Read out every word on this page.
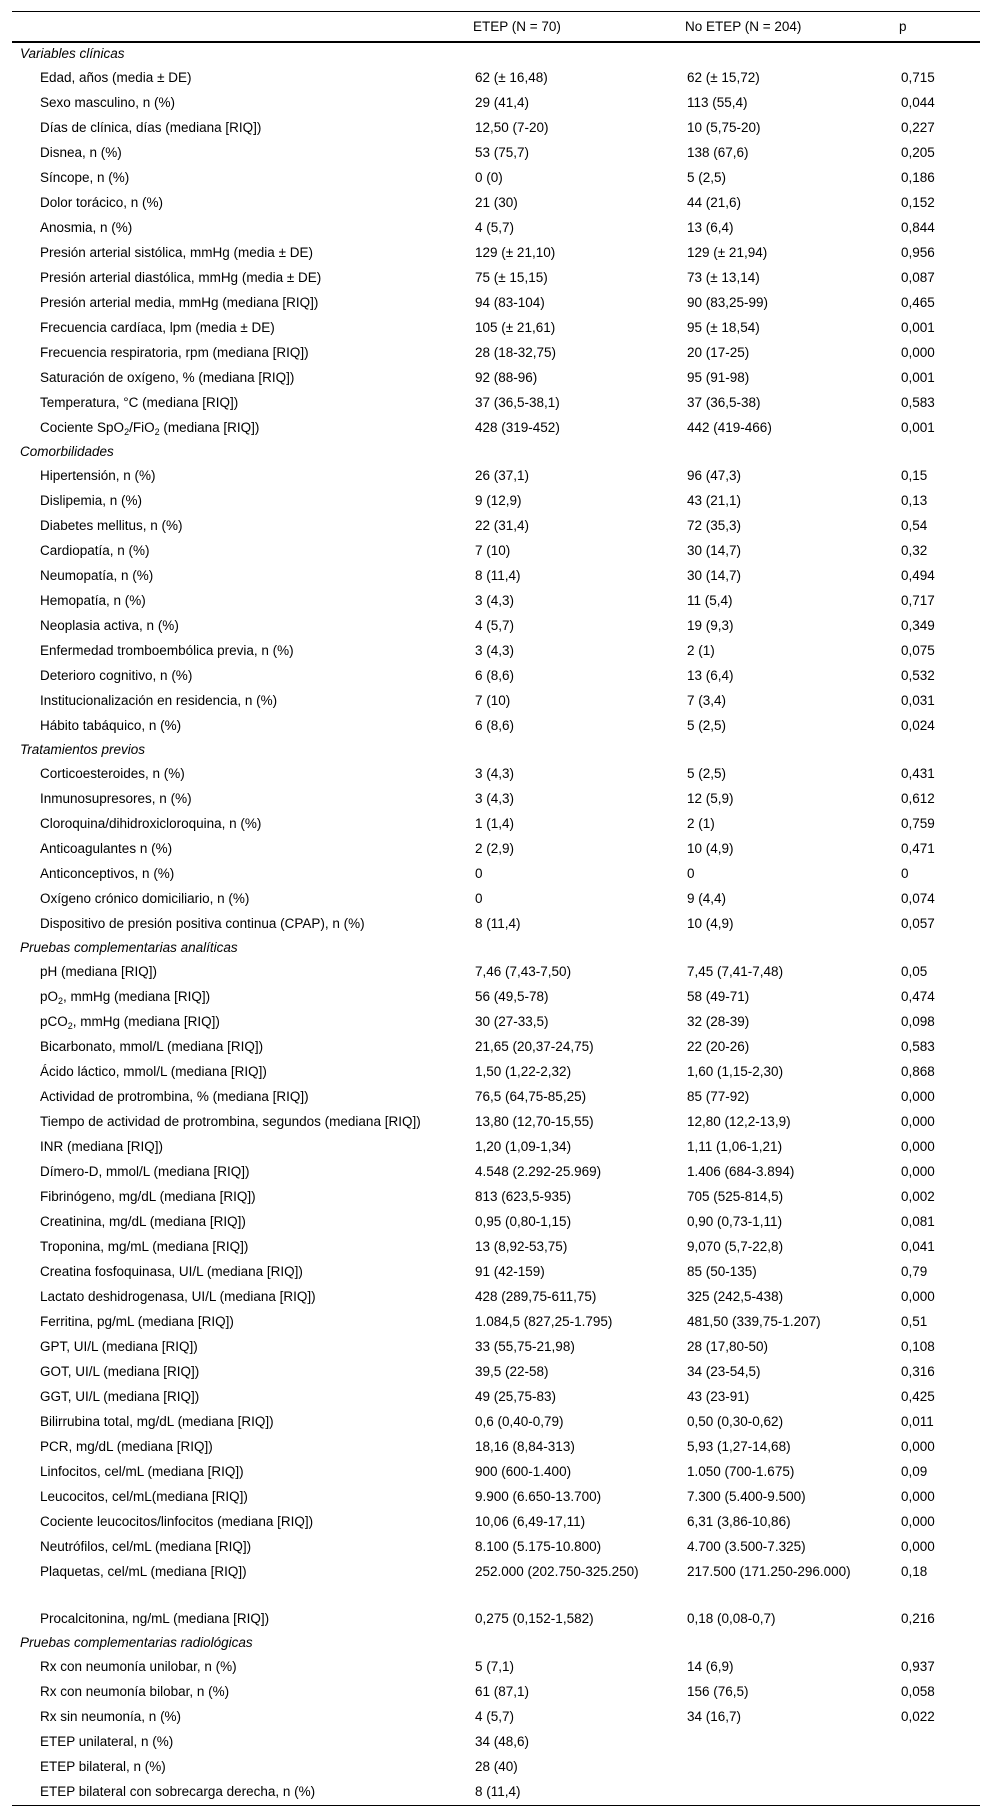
	ETEP (N = 70)	No ETEP (N = 204)	p
Variables clínicas			
Edad, años (media ± DE)	62 (± 16,48)	62 (± 15,72)	0,715
Sexo masculino, n (%)	29 (41,4)	113 (55,4)	0,044
Días de clínica, días (mediana [RIQ])	12,50 (7-20)	10 (5,75-20)	0,227
Disnea, n (%)	53 (75,7)	138 (67,6)	0,205
Síncope, n (%)	0 (0)	5 (2,5)	0,186
Dolor torácico, n (%)	21 (30)	44 (21,6)	0,152
Anosmia, n (%)	4 (5,7)	13 (6,4)	0,844
Presión arterial sistólica, mmHg (media ± DE)	129 (± 21,10)	129 (± 21,94)	0,956
Presión arterial diastólica, mmHg (media ± DE)	75 (± 15,15)	73 (± 13,14)	0,087
Presión arterial media, mmHg (mediana [RIQ])	94 (83-104)	90 (83,25-99)	0,465
Frecuencia cardíaca, lpm (media ± DE)	105 (± 21,61)	95 (± 18,54)	0,001
Frecuencia respiratoria, rpm (mediana [RIQ])	28 (18-32,75)	20 (17-25)	0,000
Saturación de oxígeno, % (mediana [RIQ])	92 (88-96)	95 (91-98)	0,001
Temperatura, °C (mediana [RIQ])	37 (36,5-38,1)	37 (36,5-38)	0,583
Cociente SpO$_2$/FiO$_2$ (mediana [RIQ])	428 (319-452)	442 (419-466)	0,001
Comorbilidades			
Hipertensión, n (%)	26 (37,1)	96 (47,3)	0,15
Dislipemia, n (%)	9 (12,9)	43 (21,1)	0,13
Diabetes mellitus, n (%)	22 (31,4)	72 (35,3)	0,54
Cardiopatía, n (%)	7 (10)	30 (14,7)	0,32
Neumopatía, n (%)	8 (11,4)	30 (14,7)	0,494
Hemopatía, n (%)	3 (4,3)	11 (5,4)	0,717
Neoplasia activa, n (%)	4 (5,7)	19 (9,3)	0,349
Enfermedad tromboembólica previa, n (%)	3 (4,3)	2 (1)	0,075
Deterioro cognitivo, n (%)	6 (8,6)	13 (6,4)	0,532
Institucionalización en residencia, n (%)	7 (10)	7 (3,4)	0,031
Hábito tabáquico, n (%)	6 (8,6)	5 (2,5)	0,024
Tratamientos previos			
Corticoesteroides, n (%)	3 (4,3)	5 (2,5)	0,431
Inmunosupresores, n (%)	3 (4,3)	12 (5,9)	0,612
Cloroquina/dihidroxicloroquina, n (%)	1 (1,4)	2 (1)	0,759
Anticoagulantes n (%)	2 (2,9)	10 (4,9)	0,471
Anticonceptivos, n (%)	0	0	0
Oxígeno crónico domiciliario, n (%)	0	9 (4,4)	0,074
Dispositivo de presión positiva continua (CPAP), n (%)	8 (11,4)	10 (4,9)	0,057
Pruebas complementarias analíticas			
pH (mediana [RIQ])	7,46 (7,43-7,50)	7,45 (7,41-7,48)	0,05
$pO_2$, mmHg (mediana [RIQ])	56 (49,5-78)	58 (49-71)	0,474
pCO$_2$, mmHg (mediana [RIQ])	30 (27-33,5)	32 (28-39)	0,098
Bicarbonato, mmol/L (mediana [RIQ])	21,65 (20,37-24,75)	22 (20-26)	0,583
Ácido láctico, mmol/L (mediana [RIQ])	1,50 (1,22-2,32)	1,60 (1,15-2,30)	0,868
Actividad de protrombina, % (mediana [RIQ])	76,5 (64,75-85,25)	85 (77-92)	0,000
Tiempo de actividad de protrombina, segundos (mediana [RIQ])	13,80 (12,70-15,55)	12,80 (12,2-13,9)	0,000
INR (mediana [RIQ])	1,20 (1,09-1,34)	1,11 (1,06-1,21)	0,000
Dímero-D, mmol/L (mediana [RIQ])	4.548 (2.292-25.969)	1.406 (684-3.894)	0,000
Fibrinógeno, mg/dL (mediana [RIQ])	813 (623,5-935)	705 (525-814,5)	0,002
Creatinina, mg/dL (mediana [RIQ])	0,95 (0,80-1,15)	0,90 (0,73-1,11)	0,081
Troponina, mg/mL (mediana [RIQ])	13 (8,92-53,75)	9,070 (5,7-22,8)	0,041
Creatina fosfoquinasa, UI/L (mediana [RIQ])	91 (42-159)	85 (50-135)	0,79
Lactato deshidrogenasa, UI/L (mediana [RIQ])	428 (289,75-611,75)	325 (242,5-438)	0,000
Ferritina, pg/mL (mediana [RIQ])	1.084,5 (827,25-1.795)	481,50 (339,75-1.207)	0,51
GPT, UI/L (mediana [RIQ])	33 (55,75-21,98)	28 (17,80-50)	0,108
GOT, UI/L (mediana [RIQ])	39,5 (22-58)	34 (23-54,5)	0,316
GGT, UI/L (mediana [RIQ])	49 (25,75-83)	43 (23-91)	0,425
Bilirrubina total, mg/dL (mediana [RIQ])	0,6 (0,40-0,79)	0,50 (0,30-0,62)	0,011
PCR, mg/dL (mediana [RIQ])	18,16 (8,84-313)	5,93 (1,27-14,68)	0,000
Linfocitos, cel/mL (mediana [RIQ])	900 (600-1.400)	1.050 (700-1.675)	0,09
Leucocitos, cel/mL(mediana [RIQ])	9.900 (6.650-13.700)	7.300 (5.400-9.500)	0,000
Cociente leucocitos/linfocitos (mediana [RIQ])	10,06 (6,49-17,11)	6,31 (3,86-10,86)	0,000
Neutrófilos, cel/mL (mediana [RIQ])	8.100 (5.175-10.800)	4.700 (3.500-7.325)	0,000
Plaquetas, cel/mL (mediana [RIQ])	252.000 (202.750-325.250)	217.500 (171.250-296.000)	0,18
Procalcitonina, ng/mL (mediana [RIQ])	0,275 (0,152-1,582)	0,18 (0,08-0,7)	0,216
Pruebas complementarias radiológicas			
Rx con neumonía unilobar, n (%)	5 (7,1)	14 (6,9)	0,937
Rx con neumonía bilobar, n (%)	61 (87,1)	156 (76,5)	0,058
Rx sin neumonía, n (%)	4 (5,7)	34 (16,7)	0,022
ETEP unilateral, n (%)	34 (48,6)		
ETEP bilateral, n (%)	28 (40)		
ETEP bilateral con sobrecarga derecha, n (%)	8 (11,4)		
